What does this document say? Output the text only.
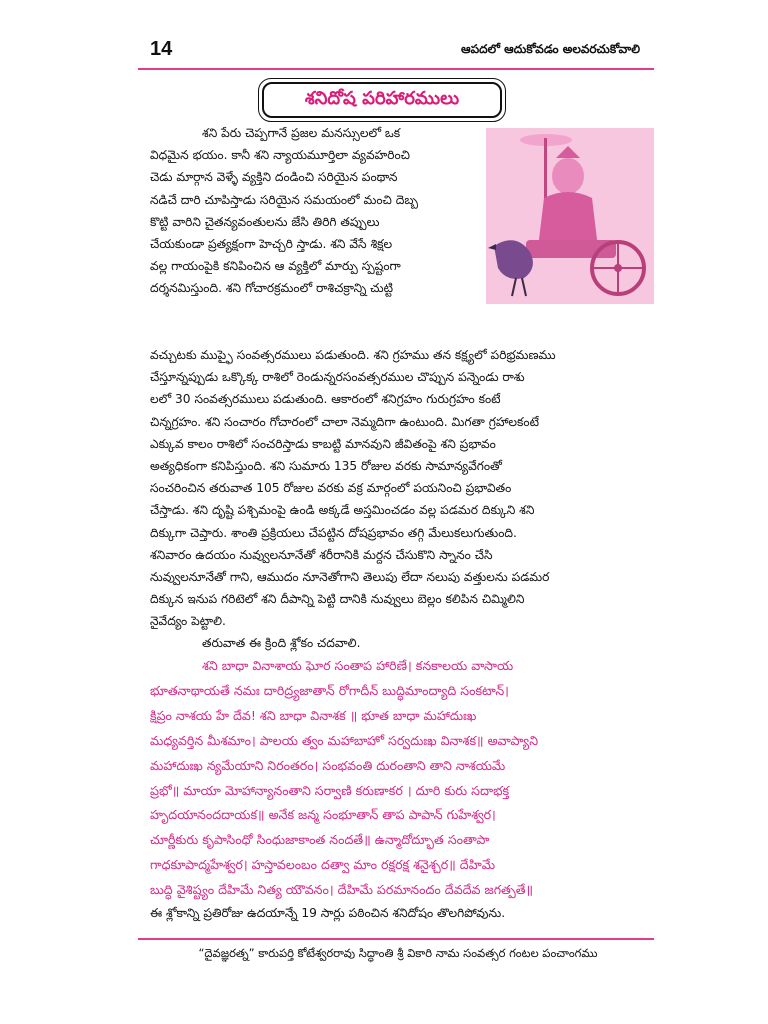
14	ఆపదలో ఆదుకోవడం అలవరచుకోవాలి
శనిదోష పరిహారములు
శని పేరు చెప్పగానే ప్రజల మనస్సులలో ఒక
విధమైన భయం. కానీ శని న్యాయమూర్తిలా వ్యవహరించి
చెడు మార్గాన వెళ్ళే వ్యక్తిని దండించి సరియైన పంథాన
నడిచే దారి చూపిస్తాడు సరియైన సమయంలో మంచి దెబ్బ
కొట్టి వారిని చైతన్యవంతులను జేసి తిరిగి తప్పులు
చేయకుండా ప్రత్యక్షంగా హెచ్చరి స్తాడు. శని వేసే శిక్షల
వల్ల గాయంపైకి కనిపించిన ఆ వ్యక్తిలో మార్పు స్పష్టంగా
దర్శనమిస్తుంది. శని గోచారక్రమంలో రాశిచక్రాన్ని చుట్టి
వచ్చుటకు ముప్ఫై సంవత్సరములు పడుతుంది. శని గ్రహము తన కక్ష్యలో పరిభ్రమణము
చేస్తూన్నప్పుడు ఒక్కొక్క రాశిలో రెండున్నరసంవత్సరముల చొప్పున పన్నెండు రాశు
లలో 30 సంవత్సరములు పడుతుంది. ఆకారంలో శనిగ్రహం గురుగ్రహం కంటే
చిన్నగ్రహం. శని సంచారం గోచారంలో చాలా నెమ్మదిగా ఉంటుంది. మిగతా గ్రహాలకంటే
ఎక్కువ కాలం రాశిలో సంచరిస్తాడు కాబట్టి మానవుని జీవితంపై శని ప్రభావం
అత్యధికంగా కనిపిస్తుంది. శని సుమారు 135 రోజుల వరకు సామాన్యవేగంతో
సంచరించిన తరువాత 105 రోజుల వరకు వక్ర మార్గంలో పయనించి ప్రభావితం
చేస్తాడు. శని దృష్టి పశ్చిమంపై ఉండి అక్కడే అస్తమించడం వల్ల పడమర దిక్కుని శని
దిక్కుగా చెప్తారు. శాంతి ప్రక్రియలు చేపట్టిన దోషప్రభావం తగ్గి మేలుకలుగుతుంది.
శనివారం ఉదయం నువ్వులనూనేతో శరీరానికి మర్దన చేసుకొని స్నానం చేసి
నువ్వులనూనేతో గాని, ఆముదం నూనెతోగాని తెలుపు లేదా నలుపు వత్తులను పడమర
దిక్కున ఇనుప గరిటెలో శని దీపాన్ని పెట్టి దానికి నువ్వులు బెల్లం కలిపిన చిమ్మిలిని
నైవేద్యం పెట్టాలి.
తరువాత ఈ క్రింది శ్లోకం చదవాలి.
శని బాధా వినాశాయ ఘోర సంతాప హారిణే। కనకాలయ వాసాయ
భూతనాథాయతే నమః దారిద్ర్యజాతాన్ రోగాదీన్ బుద్ధిమాంద్యాది సంకటాన్।
క్షిప్రం నాశయ హే దేవ! శని బాధా వినాశక ॥ భూత బాధా మహాదుఃఖ
మధ్యవర్తిన మీశమాం। పాలయ త్వం మహాబాహో సర్వదుఃఖ వినాశక॥ అవాప్యాని
మహాదుఃఖ న్యమేయాని నిరంతరం। సంభవంతి దురంతాని తాని నాశయమే
ప్రభో॥ మాయా మోహాన్యానంతాని సర్వాణి కరుణాకర । దూరి కురు సదాభక్త
హృదయానందదాయక॥ అనేక జన్మ సంభూతాన్ తాప పాపాన్ గుహేశ్వర।
చూర్ణీకురు కృపాసింధో సింధుజాకాంత నందతే॥ ఉన్మాదోద్భూత సంతాపా
గాధకూపాద్మహేశ్వర। హస్తావలంబం దత్వా మాం రక్షరక్ష శనైశ్చర॥ దేహిమే
బుద్ధి వైశిష్ట్యం దేహిమే నిత్య యౌవనం। దేహిమే పరమానందం దేవదేవ జగత్పతే॥
ఈ శ్లోకాన్ని ప్రతిరోజు ఉదయాన్నే 19 సార్లు పఠించిన శనిదోషం తొలగిపోవును.
“దైవజ్ఞరత్న” కారుపర్తి కోటేశ్వరరావు సిద్ధాంతి శ్రీ వికారి నామ సంవత్సర గంటల పంచాంగము
